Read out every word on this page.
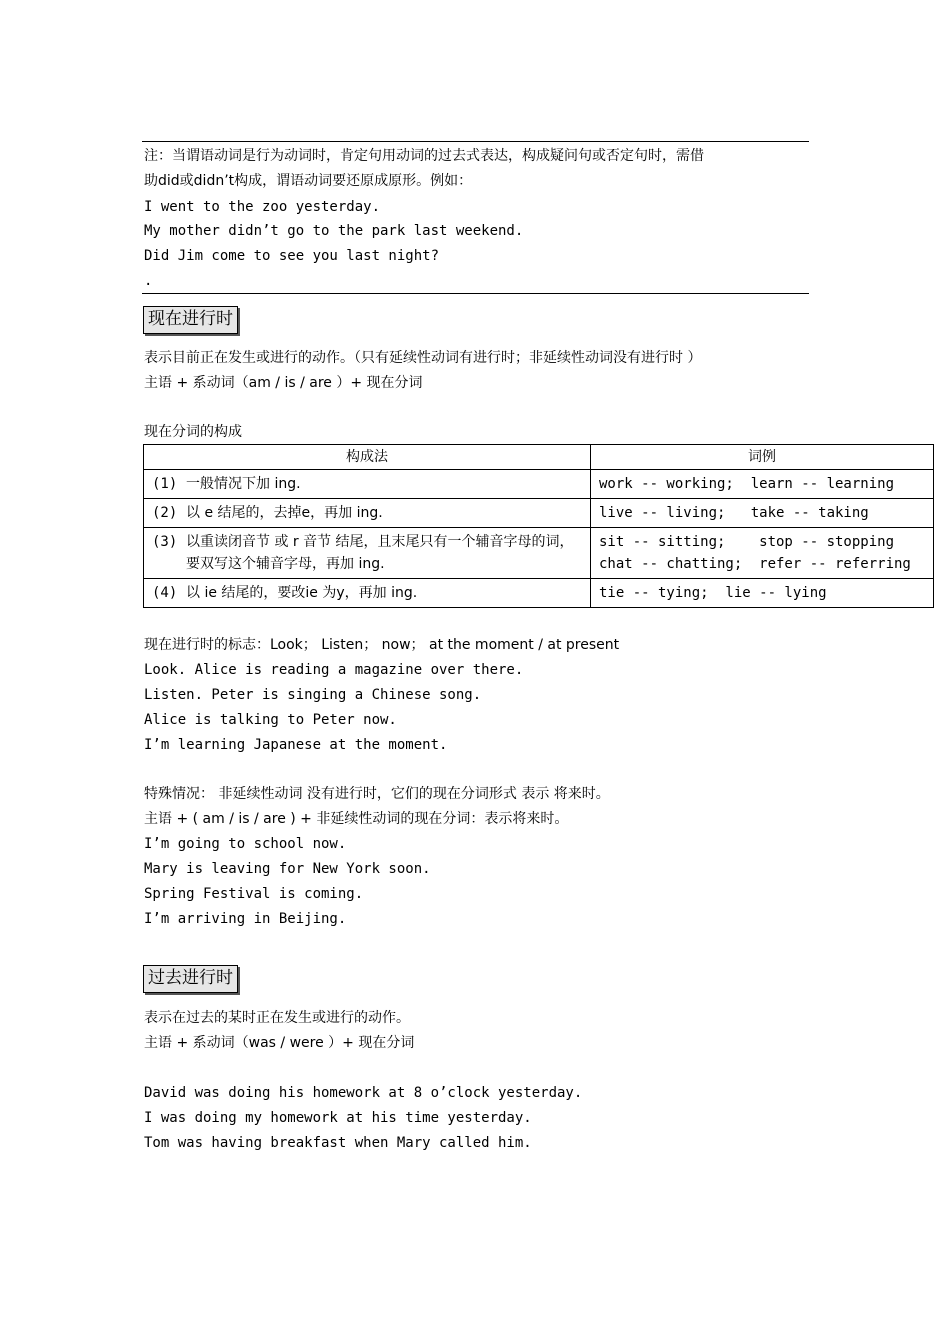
注：当谓语动词是行为动词时，肯定句用动词的过去式表达，构成疑问句或否定句时，需借
助did或didn’t构成，谓语动词要还原成原形。例如：
I went to the zoo yesterday.
My mother didn’t go to the park last weekend.
Did Jim come to see you last night?
.
现在进行时
表示目前正在发生或进行的动作。（只有延续性动词有进行时；非延续性动词没有进行时 ）
主语 + 系动词（am / is / are ）+ 现在分词
现在分词的构成
构成法	词例

(1) 一般情况下加 ing.	work -- working;  learn -- learning

(2) 以 e 结尾的，去掉e，再加 ing.	live -- living;   take -- taking

(3) 以重读闭音节 或 r 音节 结尾，且末尾只有一个辅音字母的词，要双写这个辅音字母，再加 ing.	sit -- sitting;    stop -- stopping
chat -- chatting;  refer -- referring

(4) 以 ie 结尾的，要改ie 为y，再加 ing.	tie -- tying;  lie -- lying
现在进行时的标志：Look； Listen； now； at the moment / at present
Look. Alice is reading a magazine over there.
Listen. Peter is singing a Chinese song.
Alice is talking to Peter now.
I’m learning Japanese at the moment.
特殊情况： 非延续性动词 没有进行时，它们的现在分词形式 表示 将来时。
主语 + ( am / is / are ) + 非延续性动词的现在分词：表示将来时。
I’m going to school now.
Mary is leaving for New York soon.
Spring Festival is coming.
I’m arriving in Beijing.
过去进行时
表示在过去的某时正在发生或进行的动作。
主语 + 系动词（was / were ）+ 现在分词
David was doing his homework at 8 o’clock yesterday.
I was doing my homework at his time yesterday.
Tom was having breakfast when Mary called him.
